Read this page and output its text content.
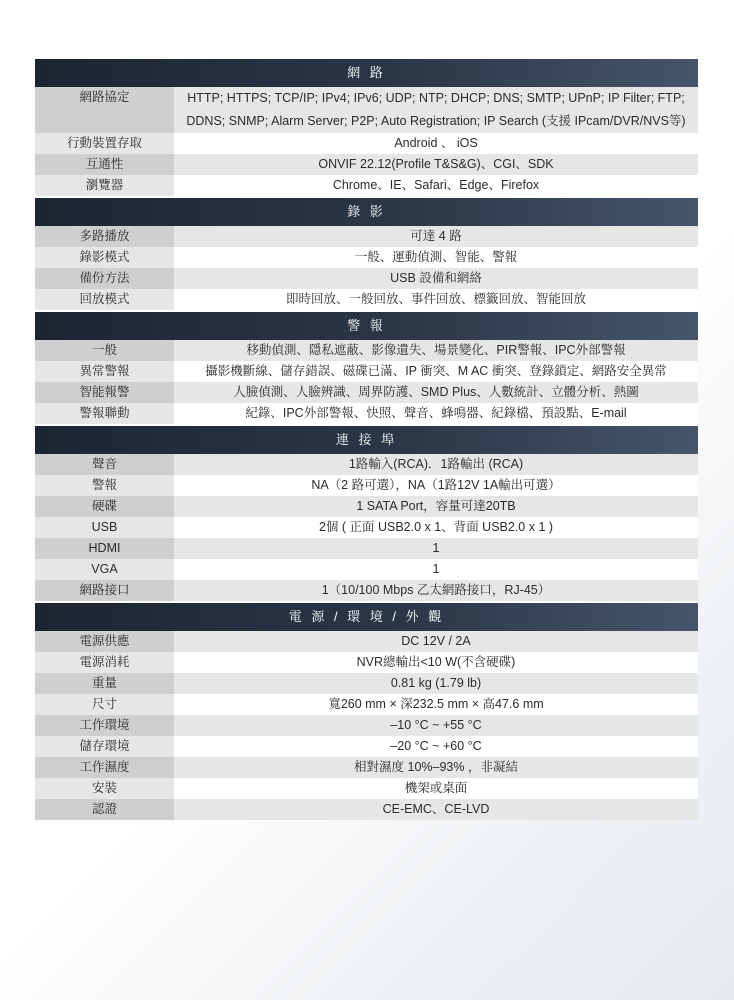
網 路	
網路協定	HTTP; HTTPS; TCP/IP; IPv4; IPv6; UDP; NTP; DHCP; DNS; SMTP; UPnP; IP Filter; FTP; DDNS; SNMP; Alarm Server; P2P; Auto Registration; IP Search (支援 IPcam/DVR/NVS等)
行動裝置存取	Android 、 iOS
互通性	ONVIF 22.12(Profile T&S&G)、CGI、SDK
瀏覽器	Chrome、IE、Safari、Edge、Firefox

錄 影	
多路播放	可達 4 路
錄影模式	一般、運動偵測、智能、警報
備份方法	USB 設備和網絡
回放模式	即時回放、一般回放、事件回放、標籤回放、智能回放

警 報	
一般	移動偵測、隱私遮蔽、影像遺失、場景變化、PIR警報、IPC外部警報
異常警報	攝影機斷線、儲存錯誤、磁碟已滿、IP 衝突、M AC 衝突、登錄鎖定、網路安全異常
智能報警	人臉偵測、人臉辨識、周界防護、SMD Plus、人數統計、立體分析、熱圖
警報聯動	紀錄、IPC外部警報、快照、聲音、蜂鳴器、紀錄檔、預設點、E-mail

連 接 埠	
聲音	1路輸入(RCA)．1路輸出 (RCA)
警報	NA（2 路可選），NA（1路12V 1A輸出可選）
硬碟	1 SATA Port，容量可達20TB
USB	2個 ( 正面 USB2.0 x 1、背面 USB2.0 x 1 )
HDMI	1
VGA	1
網路接口	1（10/100 Mbps 乙太網路接口，RJ-45）

電 源 / 環 境 / 外 觀	
電源供應	DC 12V / 2A
電源消耗	NVR總輸出<10 W(不含硬碟)
重量	0.81 kg (1.79 lb)
尺寸	寬260 mm × 深232.5 mm × 高47.6 mm
工作環境	–10 °C ~ +55 °C
儲存環境	–20 °C ~ +60 °C
工作濕度	相對濕度 10%–93% ，非凝結
安裝	機架或桌面
認證	CE-EMC、CE-LVD
